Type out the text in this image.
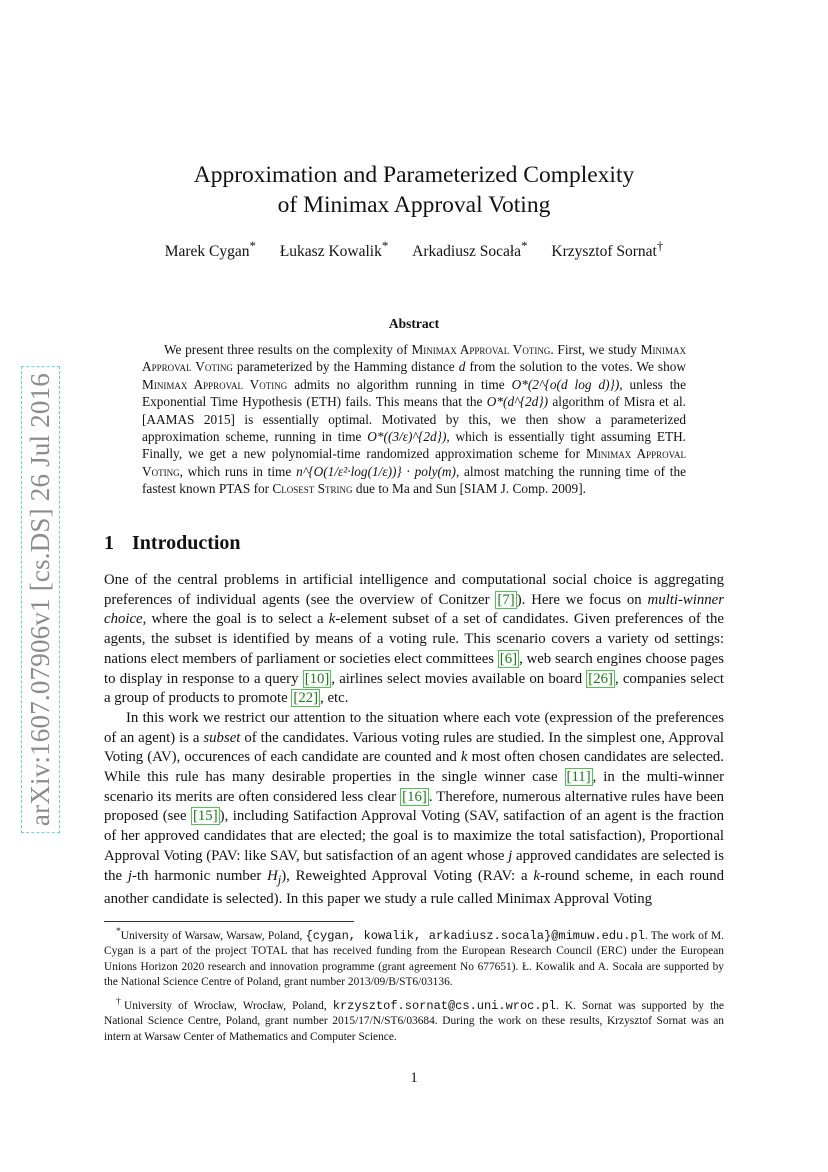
arXiv:1607.07906v1 [cs.DS] 26 Jul 2016
Approximation and Parameterized Complexity
of Minimax Approval Voting
Marek Cygan* Łukasz Kowalik* Arkadiusz Socała* Krzysztof Sornat†
Abstract
We present three results on the complexity of Minimax Approval Voting. First, we study Minimax Approval Voting parameterized by the Hamming distance d from the solution to the votes. We show Minimax Approval Voting admits no algorithm running in time O*(2^{o(d log d)}), unless the Exponential Time Hypothesis (ETH) fails. This means that the O*(d^{2d}) algorithm of Misra et al. [AAMAS 2015] is essentially optimal. Motivated by this, we then show a parameterized approximation scheme, running in time O*((3/ε)^{2d}), which is essentially tight assuming ETH. Finally, we get a new polynomial-time randomized approximation scheme for Minimax Approval Voting, which runs in time n^{O(1/ε²·log(1/ε))} · poly(m), almost matching the running time of the fastest known PTAS for Closest String due to Ma and Sun [SIAM J. Comp. 2009].
1 Introduction

One of the central problems in artificial intelligence and computational social choice is aggregating preferences of individual agents (see the overview of Conitzer [7] ). Here we focus on multi-winner choice, where the goal is to select a k-element subset of a set of candidates. Given preferences of the agents, the subset is identified by means of a voting rule. This scenario covers a variety od settings: nations elect members of parliament or societies elect committees [6] , web search engines choose pages to display in response to a query [10] , airlines select movies available on board [26] , companies select a group of products to promote [22] , etc.

In this work we restrict our attention to the situation where each vote (expression of the preferences of an agent) is a subset of the candidates. Various voting rules are studied. In the simplest one, Approval Voting (AV), occurences of each candidate are counted and k most often chosen candidates are selected. While this rule has many desirable properties in the single winner case [11] , in the multi-winner scenario its merits are often considered less clear [16] . Therefore, numerous alternative rules have been proposed (see [15] ), including Satifaction Approval Voting (SAV, satifaction of an agent is the fraction of her approved candidates that are elected; the goal is to maximize the total satisfaction), Proportional Approval Voting (PAV: like SAV, but satisfaction of an agent whose j approved candidates are selected is the j-th harmonic number $H_j$), Reweighted Approval Voting (RAV: a k-round scheme, in each round another candidate is selected). In this paper we study a rule called Minimax Approval Voting

*University of Warsaw, Warsaw, Poland, {cygan, kowalik, arkadiusz.socala}@mimuw.edu.pl. The work of M. Cygan is a part of the project TOTAL that has received funding from the European Research Council (ERC) under the European Unions Horizon 2020 research and innovation programme (grant agreement No 677651). Ł. Kowalik and A. Socała are supported by the National Science Centre of Poland, grant number 2013/09/B/ST6/03136.

†University of Wrocław, Wrocław, Poland, krzysztof.sornat@cs.uni.wroc.pl. K. Sornat was supported by the National Science Centre, Poland, grant number 2015/17/N/ST6/03684. During the work on these results, Krzysztof Sornat was an intern at Warsaw Center of Mathematics and Computer Science.

1
